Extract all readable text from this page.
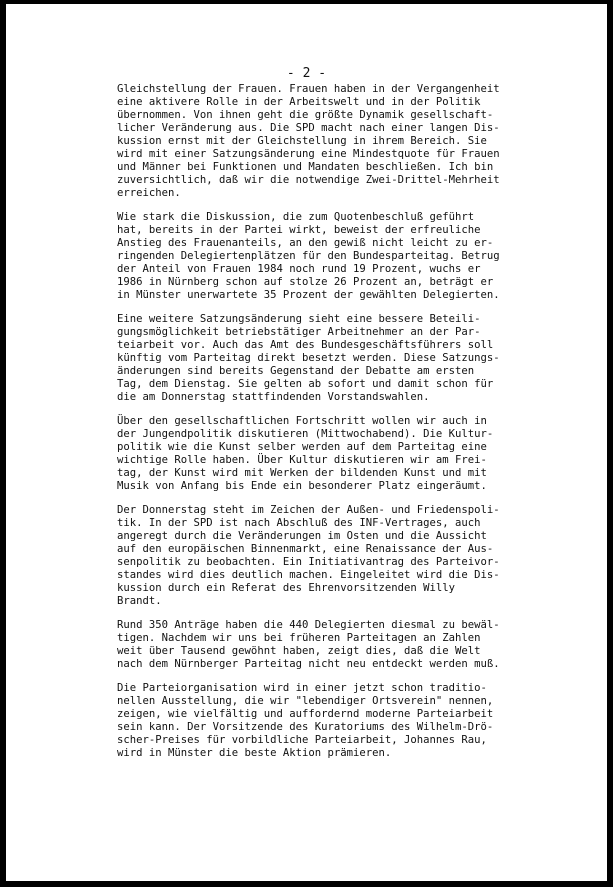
- 2 -

Gleichstellung der Frauen. Frauen haben in der Vergangenheit
eine aktivere Rolle in der Arbeitswelt und in der Politik
übernommen. Von ihnen geht die größte Dynamik gesellschaft-
licher Veränderung aus. Die SPD macht nach einer langen Dis-
kussion ernst mit der Gleichstellung in ihrem Bereich. Sie
wird mit einer Satzungsänderung eine Mindestquote für Frauen
und Männer bei Funktionen und Mandaten beschließen. Ich bin
zuversichtlich, daß wir die notwendige Zwei-Drittel-Mehrheit
erreichen.

Wie stark die Diskussion, die zum Quotenbeschluß geführt
hat, bereits in der Partei wirkt, beweist der erfreuliche
Anstieg des Frauenanteils, an den gewiß nicht leicht zu er-
ringenden Delegiertenplätzen für den Bundesparteitag. Betrug
der Anteil von Frauen 1984 noch rund 19 Prozent, wuchs er
1986 in Nürnberg schon auf stolze 26 Prozent an, beträgt er
in Münster unerwartete 35 Prozent der gewählten Delegierten.

Eine weitere Satzungsänderung sieht eine bessere Beteili-
gungsmöglichkeit betriebstätiger Arbeitnehmer an der Par-
teiarbeit vor. Auch das Amt des Bundesgeschäftsführers soll
künftig vom Parteitag direkt besetzt werden. Diese Satzungs-
änderungen sind bereits Gegenstand der Debatte am ersten
Tag, dem Dienstag. Sie gelten ab sofort und damit schon für
die am Donnerstag stattfindenden Vorstandswahlen.

Über den gesellschaftlichen Fortschritt wollen wir auch in
der Jungendpolitik diskutieren (Mittwochabend). Die Kultur-
politik wie die Kunst selber werden auf dem Parteitag eine
wichtige Rolle haben. Über Kultur diskutieren wir am Frei-
tag, der Kunst wird mit Werken der bildenden Kunst und mit
Musik von Anfang bis Ende ein besonderer Platz eingeräumt.

Der Donnerstag steht im Zeichen der Außen- und Friedenspoli-
tik. In der SPD ist nach Abschluß des INF-Vertrages, auch
angeregt durch die Veränderungen im Osten und die Aussicht
auf den europäischen Binnenmarkt, eine Renaissance der Aus-
senpolitik zu beobachten. Ein Initiativantrag des Parteivor-
standes wird dies deutlich machen. Eingeleitet wird die Dis-
kussion durch ein Referat des Ehrenvorsitzenden Willy
Brandt.

Rund 350 Anträge haben die 440 Delegierten diesmal zu bewäl-
tigen. Nachdem wir uns bei früheren Parteitagen an Zahlen
weit über Tausend gewöhnt haben, zeigt dies, daß die Welt
nach dem Nürnberger Parteitag nicht neu entdeckt werden muß.

Die Parteiorganisation wird in einer jetzt schon traditio-
nellen Ausstellung, die wir "lebendiger Ortsverein" nennen,
zeigen, wie vielfältig und auffordernd moderne Parteiarbeit
sein kann. Der Vorsitzende des Kuratoriums des Wilhelm-Drö-
scher-Preises für vorbildliche Parteiarbeit, Johannes Rau,
wird in Münster die beste Aktion prämieren.
